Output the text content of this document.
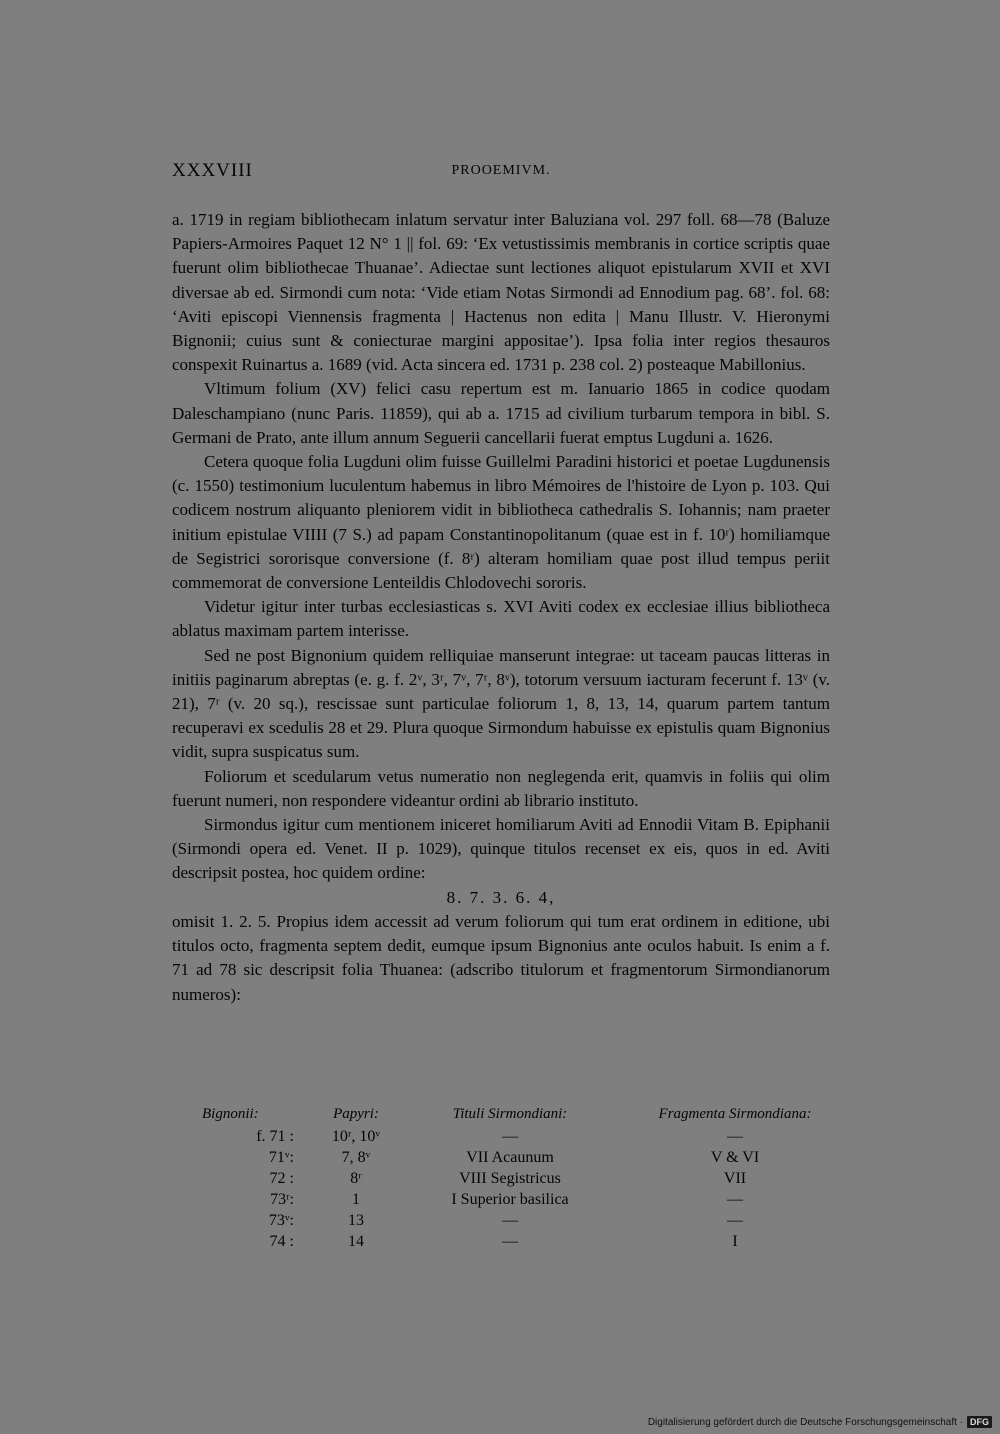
XXXVIII	PROOEMIVM.

a. 1719 in regiam bibliothecam inlatum servatur inter Baluziana vol. 297 foll. 68—78 (Baluze Papiers-Armoires Paquet 12 N° 1 || fol. 69: ‘Ex vetustissimis membranis in cortice scriptis quae fuerunt olim bibliothecae Thuanae’. Adiectae sunt lectiones aliquot epistularum XVII et XVI diversae ab ed. Sirmondi cum nota: ‘Vide etiam Notas Sirmondi ad Ennodium pag. 68’. fol. 68: ‘Aviti episcopi Viennensis fragmenta | Hactenus non edita | Manu Illustr. V. Hieronymi Bignonii; cuius sunt & coniecturae margini appositae’). Ipsa folia inter regios thesauros conspexit Ruinartus a. 1689 (vid. Acta sincera ed. 1731 p. 238 col. 2) posteaque Mabillonius.

Vltimum folium (XV) felici casu repertum est m. Ianuario 1865 in codice quodam Daleschampiano (nunc Paris. 11859), qui ab a. 1715 ad civilium turbarum tempora in bibl. S. Germani de Prato, ante illum annum Seguerii cancellarii fuerat emptus Lugduni a. 1626.

Cetera quoque folia Lugduni olim fuisse Guillelmi Paradini historici et poetae Lugdunensis (c. 1550) testimonium luculentum habemus in libro Mémoires de l'histoire de Lyon p. 103. Qui codicem nostrum aliquanto pleniorem vidit in bibliotheca cathedralis S. Iohannis; nam praeter initium epistulae VIIII (7 S.) ad papam Constantinopolitanum (quae est in f. 10ʳ) homiliamque de Segistrici sororisque conversione (f. 8ʳ) alteram homiliam quae post illud tempus periit commemorat de conversione Lenteildis Chlodovechi sororis.

Videtur igitur inter turbas ecclesiasticas s. XVI Aviti codex ex ecclesiae illius bibliotheca ablatus maximam partem interisse.

Sed ne post Bignonium quidem relliquiae manserunt integrae: ut taceam paucas litteras in initiis paginarum abreptas (e. g. f. 2ᵛ, 3ʳ, 7ᵛ, 7ʳ, 8ᵛ), totorum versuum iacturam fecerunt f. 13ᵛ (v. 21), 7ʳ (v. 20 sq.), rescissae sunt particulae foliorum 1, 8, 13, 14, quarum partem tantum recuperavi ex scedulis 28 et 29. Plura quoque Sirmondum habuisse ex epistulis quam Bignonius vidit, supra suspicatus sum.

Foliorum et scedularum vetus numeratio non neglegenda erit, quamvis in foliis qui olim fuerunt numeri, non respondere videantur ordini ab librario instituto.

Sirmondus igitur cum mentionem iniceret homiliarum Aviti ad Ennodii Vitam B. Epiphanii (Sirmondi opera ed. Venet. II p. 1029), quinque titulos recenset ex eis, quos in ed. Aviti descripsit postea, hoc quidem ordine:

8. 7. 3. 6. 4,

omisit 1. 2. 5. Propius idem accessit ad verum foliorum qui tum erat ordinem in editione, ubi titulos octo, fragmenta septem dedit, eumque ipsum Bignonius ante oculos habuit. Is enim a f. 71 ad 78 sic descripsit folia Thuanea: (adscribo titulorum et fragmentorum Sirmondianorum numeros):

Bignonii:	Papyri:	Tituli Sirmondiani:	Fragmenta Sirmondiana:
f. 71 :	10ʳ, 10ᵛ	—	—
71ᵛ:	7, 8ᵛ	VII Acaunum	V & VI
72 :	8ʳ	VIII Segistricus	VII
73ʳ:	1	I Superior basilica	—
73ᵛ:	13	—	—
74 :	14	—	I
Digitalisierung gefördert durch die Deutsche Forschungsgemeinschaft · DFG
